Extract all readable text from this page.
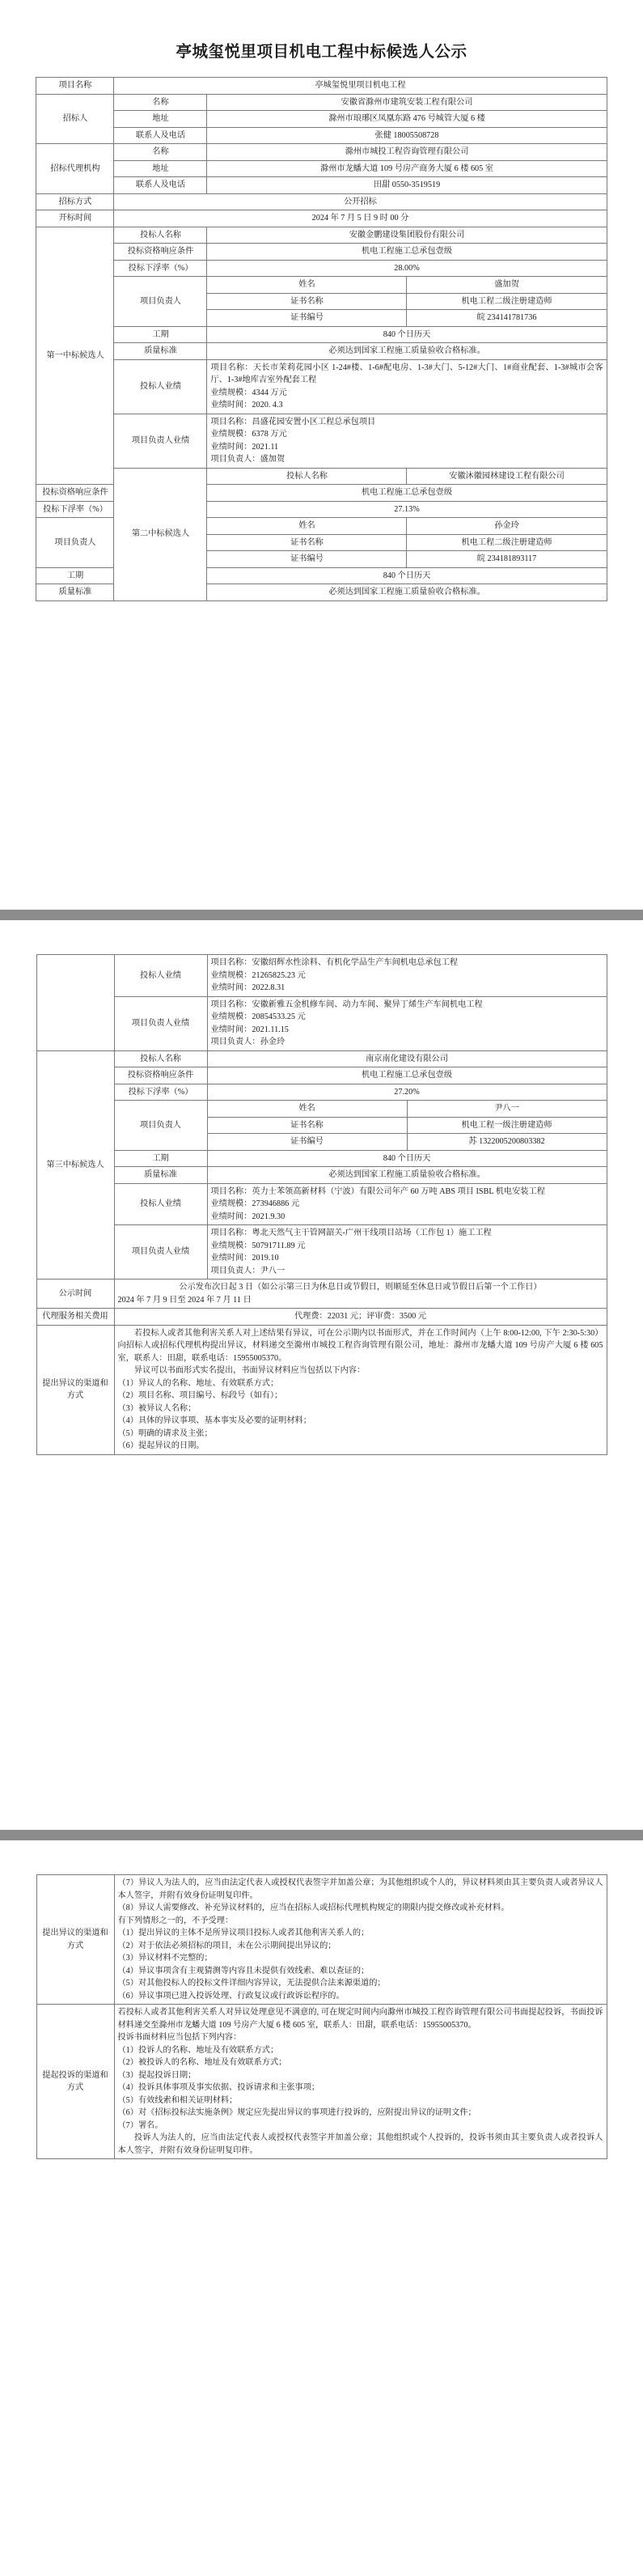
亭城玺悦里项目机电工程中标候选人公示
项目名称	亭城玺悦里项目机电工程		
招标人	名称	安徽省滁州市建筑安装工程有限公司	
	地址	滁州市琅琊区凤凰东路 476 号城管大厦 6 楼	
	联系人及电话	张健 18005508728	
招标代理机构	名称	滁州市城投工程咨询管理有限公司	
	地址	滁州市龙蟠大道 109 号房产商务大厦 6 楼 605 室	
	联系人及电话	田甜 0550-3519519	
招标方式	公开招标		
开标时间	2024 年 7 月 5 日 9 时 00 分		
第一中标候选人	投标人名称	安徽金鹏建设集团股份有限公司	
	投标资格响应条件	机电工程施工总承包壹级	
	投标下浮率（%）	28.00%	
	项目负责人	姓名	盛加贺
		证书名称	机电工程二级注册建造师
		证书编号	皖 234141781736
	工期	840 个日历天	
	质量标准	必须达到国家工程施工质量验收合格标准。	
	投标人业绩	项目名称：天长市茉莉花园小区 1-24#楼、1-6#配电房、1-3#大门、5-12#大门、1#商业配套、1-3#城市会客厅、1-3#地库吉室外配套工程
业绩规模：4344 万元
业绩时间：2020. 4.3	

	项目负责人业绩	项目名称：昌盛花园安置小区工程总承包项目
业绩规模：6378 万元
业绩时间：2021.11
项目负责人：盛加贺	

	第二中标候选人	投标人名称	安徽沐徽园林建设工程有限公司
投标资格响应条件		机电工程施工总承包壹级	
投标下浮率（%）		27.13%	
项目负责人		姓名	孙金玲
		证书名称	机电工程二级注册建造师
		证书编号	皖 234181893117
工期		840 个日历天	
质量标准		必须达到国家工程施工质量验收合格标准。	
	投标人业绩	项目名称：安徽绍辉水性涂料、有机化学品生产车间机电总承包工程
业绩规模：21265825.23 元
业绩时间：2022.8.31	

	项目负责人业绩	项目名称：安徽新雅五金机修车间、动力车间、聚异丁烯生产车间机电工程
业绩规模：20854533.25 元
业绩时间：2021.11.15
项目负责人：孙金玲	

第三中标候选人	投标人名称	南京南化建设有限公司	
	投标资格响应条件	机电工程施工总承包壹级	
	投标下浮率（%）	27.20%	
	项目负责人	姓名	尹八一
		证书名称	机电工程一级注册建造师
		证书编号	苏 1322005200803382
	工期	840 个日历天	
	质量标准	必须达到国家工程施工质量验收合格标准。	
	投标人业绩	项目名称：英力士苯领高新材料（宁波）有限公司年产 60 万吨 ABS 项目 ISBL 机电安装工程
业绩规模：273946886 元
业绩时间：2021.9.30	

	项目负责人业绩	项目名称：粤北天然气主干管网韶关-广州干线项目站场（工作包 1）施工工程
业绩规模：50791711.89 元
业绩时间：2019.10
项目负责人：尹八一	

公示时间	公示发布次日起 3 日（如公示第三日为休息日或节假日，则顺延至休息日或节假日后第一个工作日）
2024 年 7 月 9 日至 2024 年 7 月 11 日		

代理服务相关费用	代理费：22031 元；评审费：3500 元		
提出异议的渠道和方式	
若投标人或者其他利害关系人对上述结果有异议，可在公示期内以书面形式，并在工作时间内（上午 8:00-12:00, 下午 2:30-5:30）向招标人或招标代理机构提出异议，材料递交至滁州市城投工程咨询管理有限公司，地址：滁州市龙蟠大道 109 号房产大厦 6 楼 605 室，联系人：田甜，联系电话：15955005370。
异议可以书面形式实名提出，书面异议材料应当包括以下内容：
（1）异议人的名称、地址、有效联系方式；
（2）项目名称、项目编号、标段号（如有）；
（3）被异议人名称；
（4）具体的异议事项、基本事实及必要的证明材料；
（5）明确的请求及主张；
（6）提起异议的日期。
提出异议的渠道和方式	
（7）异议人为法人的，应当由法定代表人或授权代表签字并加盖公章；为其他组织或个人的，异议材料须由其主要负责人或者异议人本人签字，并附有效身份证明复印件。
（8）异议人需要修改、补充异议材料的，应当在招标人或招标代理机构规定的期限内提交修改或补充材料。
有下列情形之一的，不予受理：
（1）提出异议的主体不是所异议项目投标人或者其他利害关系人的；
（2）对于依法必须招标的项目，未在公示期间提出异议的；
（3）异议材料不完整的；
（4）异议事项含有主观猜测等内容且未提供有效线索、难以查证的；
（5）对其他投标人的投标文件详细内容异议，无法提供合法来源渠道的；
（6）异议事项已进入投诉处理、行政复议或行政诉讼程序的。

提起投诉的渠道和方式	
若投标人或者其他利害关系人对异议处理意见不满意的, 可在规定时间内向滁州市城投工程咨询管理有限公司书面提起投诉，书面投诉材料递交至滁州市龙蟠大道 109 号房产大厦 6 楼 605 室，联系人：田甜，联系电话：15955005370。
投诉书面材料应当包括下列内容：
（1）投诉人的名称、地址及有效联系方式；
（2）被投诉人的名称、地址及有效联系方式；
（3）提起投诉日期；
（4）投诉具体事项及事实依据、投诉请求和主张事项；
（5）有效线索和相关证明材料；
（6）对《招标投标法实施条例》规定应先提出异议的事项进行投诉的，应附提出异议的证明文件；
（7）署名。
投诉人为法人的，应当由法定代表人或授权代表签字并加盖公章；其他组织或个人投诉的，投诉书须由其主要负责人或者投诉人本人签字，并附有效身份证明复印件。
